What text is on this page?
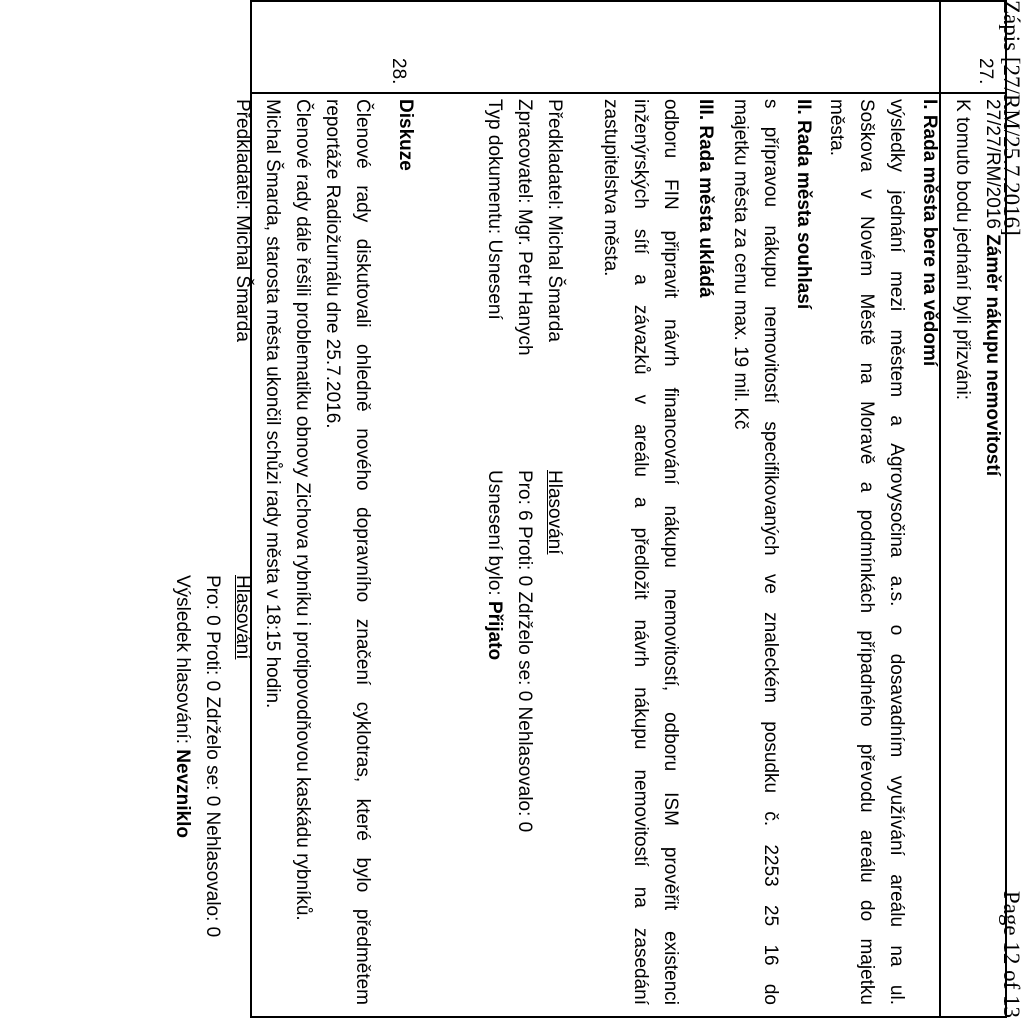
Zápis [27/RM/25.7.2016]
Page 12 of 13
27.
27/27/RM/2016 Záměr nákupu nemovitostí
K tomuto bodu jednání byli přizváni:
I. Rada města bere na vědomí
výsledky jednání mezi městem a Agrovysočina a.s. o dosavadním využívání areálu na ul.
Soškova v Novém Městě na Moravě a podmínkách případného převodu areálu do majetku
města.
II. Rada města souhlasí
s přípravou nákupu nemovitostí specifikovaných ve znaleckém posudku č. 2253 25 16 do
majetku města za cenu max. 19 mil. Kč
III. Rada města ukládá
odboru FIN připravit návrh financování nákupu nemovitostí, odboru ISM prověřit existenci
inženýrských sítí a závazků v areálu a předložit návrh nákupu nemovitostí na zasedání
zastupitelstva města.
Předkladatel: Michal Šmarda
Zpracovatel: Mgr. Petr Hanych
Typ dokumentu: Usnesení
Hlasování
Pro: 6 Proti: 0 Zdrželo se: 0 Nehlasovalo: 0
Usnesení bylo: Přijato
28.
Diskuze
Členové rady diskutovali ohledně nového dopravního značení cyklotras, které bylo předmětem
reportáže Radiožurnálu dne 25.7.2016.
Členové rady dále řešili problematiku obnovy Zichova rybníku i protipovodňovou kaskádu rybníků.
Michal Šmarda, starosta města ukončil schůzi rady města v 18:15 hodin.
Předkladatel: Michal Šmarda
Hlasování
Pro: 0 Proti: 0 Zdrželo se: 0 Nehlasovalo: 0
Výsledek hlasování: Nevzniklo
